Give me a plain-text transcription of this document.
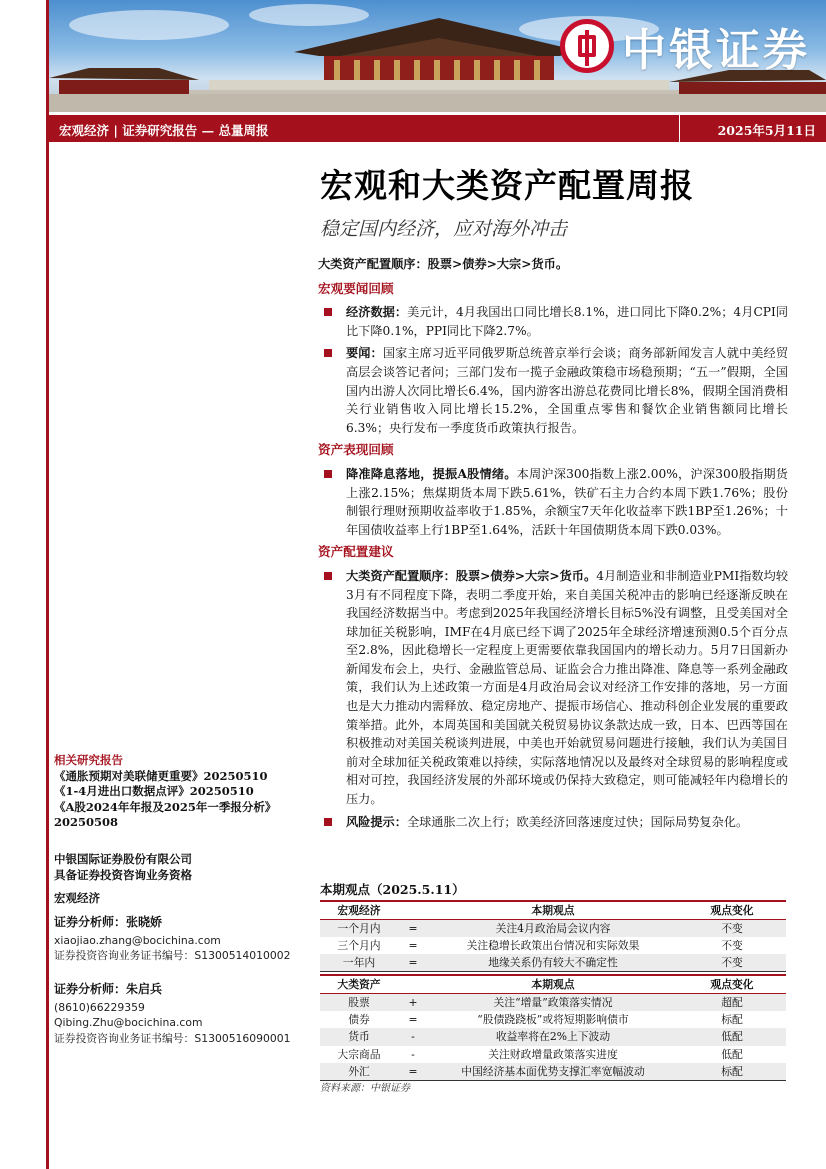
中银证券
宏观经济 | 证券研究报告 — 总量周报	2025年5月11日
宏观和大类资产配置周报
稳定国内经济，应对海外冲击
大类资产配置顺序：股票>债券>大宗>货币。
宏观要闻回顾
经济数据：美元计，4月我国出口同比增长8.1%，进口同比下降0.2%；4月CPI同比下降0.1%，PPI同比下降2.7%。
要闻：国家主席习近平同俄罗斯总统普京举行会谈；商务部新闻发言人就中美经贸高层会谈答记者问；三部门发布一揽子金融政策稳市场稳预期；“五一”假期，全国国内出游人次同比增长6.4%，国内游客出游总花费同比增长8%，假期全国消费相关行业销售收入同比增长15.2%，全国重点零售和餐饮企业销售额同比增长6.3%；央行发布一季度货币政策执行报告。
资产表现回顾
降准降息落地，提振A股情绪。本周沪深300指数上涨2.00%，沪深300股指期货上涨2.15%；焦煤期货本周下跌5.61%，铁矿石主力合约本周下跌1.76%；股份制银行理财预期收益率收于1.85%，余额宝7天年化收益率下跌1BP至1.26%；十年国债收益率上行1BP至1.64%，活跃十年国债期货本周下跌0.03%。
资产配置建议
大类资产配置顺序：股票>债券>大宗>货币。4月制造业和非制造业PMI指数均较3月有不同程度下降，表明二季度开始，来自美国关税冲击的影响已经逐渐反映在我国经济数据当中。考虑到2025年我国经济增长目标5%没有调整，且受美国对全球加征关税影响，IMF在4月底已经下调了2025年全球经济增速预测0.5个百分点至2.8%，因此稳增长一定程度上更需要依靠我国国内的增长动力。5月7日国新办新闻发布会上，央行、金融监管总局、证监会合力推出降准、降息等一系列金融政策，我们认为上述政策一方面是4月政治局会议对经济工作安排的落地，另一方面也是大力推动内需释放、稳定房地产、提振市场信心、推动科创企业发展的重要政策举措。此外，本周英国和美国就关税贸易协议条款达成一致，日本、巴西等国在积极推动对美国关税谈判进展，中美也开始就贸易问题进行接触，我们认为美国目前对全球加征关税政策难以持续，实际落地情况以及最终对全球贸易的影响程度或相对可控，我国经济发展的外部环境或仍保持大致稳定，则可能减轻年内稳增长的压力。
风险提示：全球通胀二次上行；欧美经济回落速度过快；国际局势复杂化。
相关研究报告
《通胀预期对美联储更重要》20250510
《1-4月进出口数据点评》20250510
《A股2024年年报及2025年一季报分析》20250508
中银国际证券股份有限公司
具备证券投资咨询业务资格
宏观经济
证券分析师：张晓娇
xiaojiao.zhang@bocichina.com
证券投资咨询业务证书编号：S1300514010002
证券分析师：朱启兵
(8610)66229359
Qibing.Zhu@bocichina.com
证券投资咨询业务证书编号：S1300516090001
本期观点（2025.5.11）
宏观经济		本期观点	观点变化
一个月内	=	关注4月政治局会议内容	不变
三个月内	=	关注稳增长政策出台情况和实际效果	不变
一年内	=	地缘关系仍有较大不确定性	不变
大类资产		本期观点	观点变化
股票	+	关注“增量”政策落实情况	超配
债券	=	“股债跷跷板”或将短期影响债市	标配
货币	-	收益率将在2%上下波动	低配
大宗商品	-	关注财政增量政策落实进度	低配
外汇	=	中国经济基本面优势支撑汇率宽幅波动	标配
资料来源：中银证券
